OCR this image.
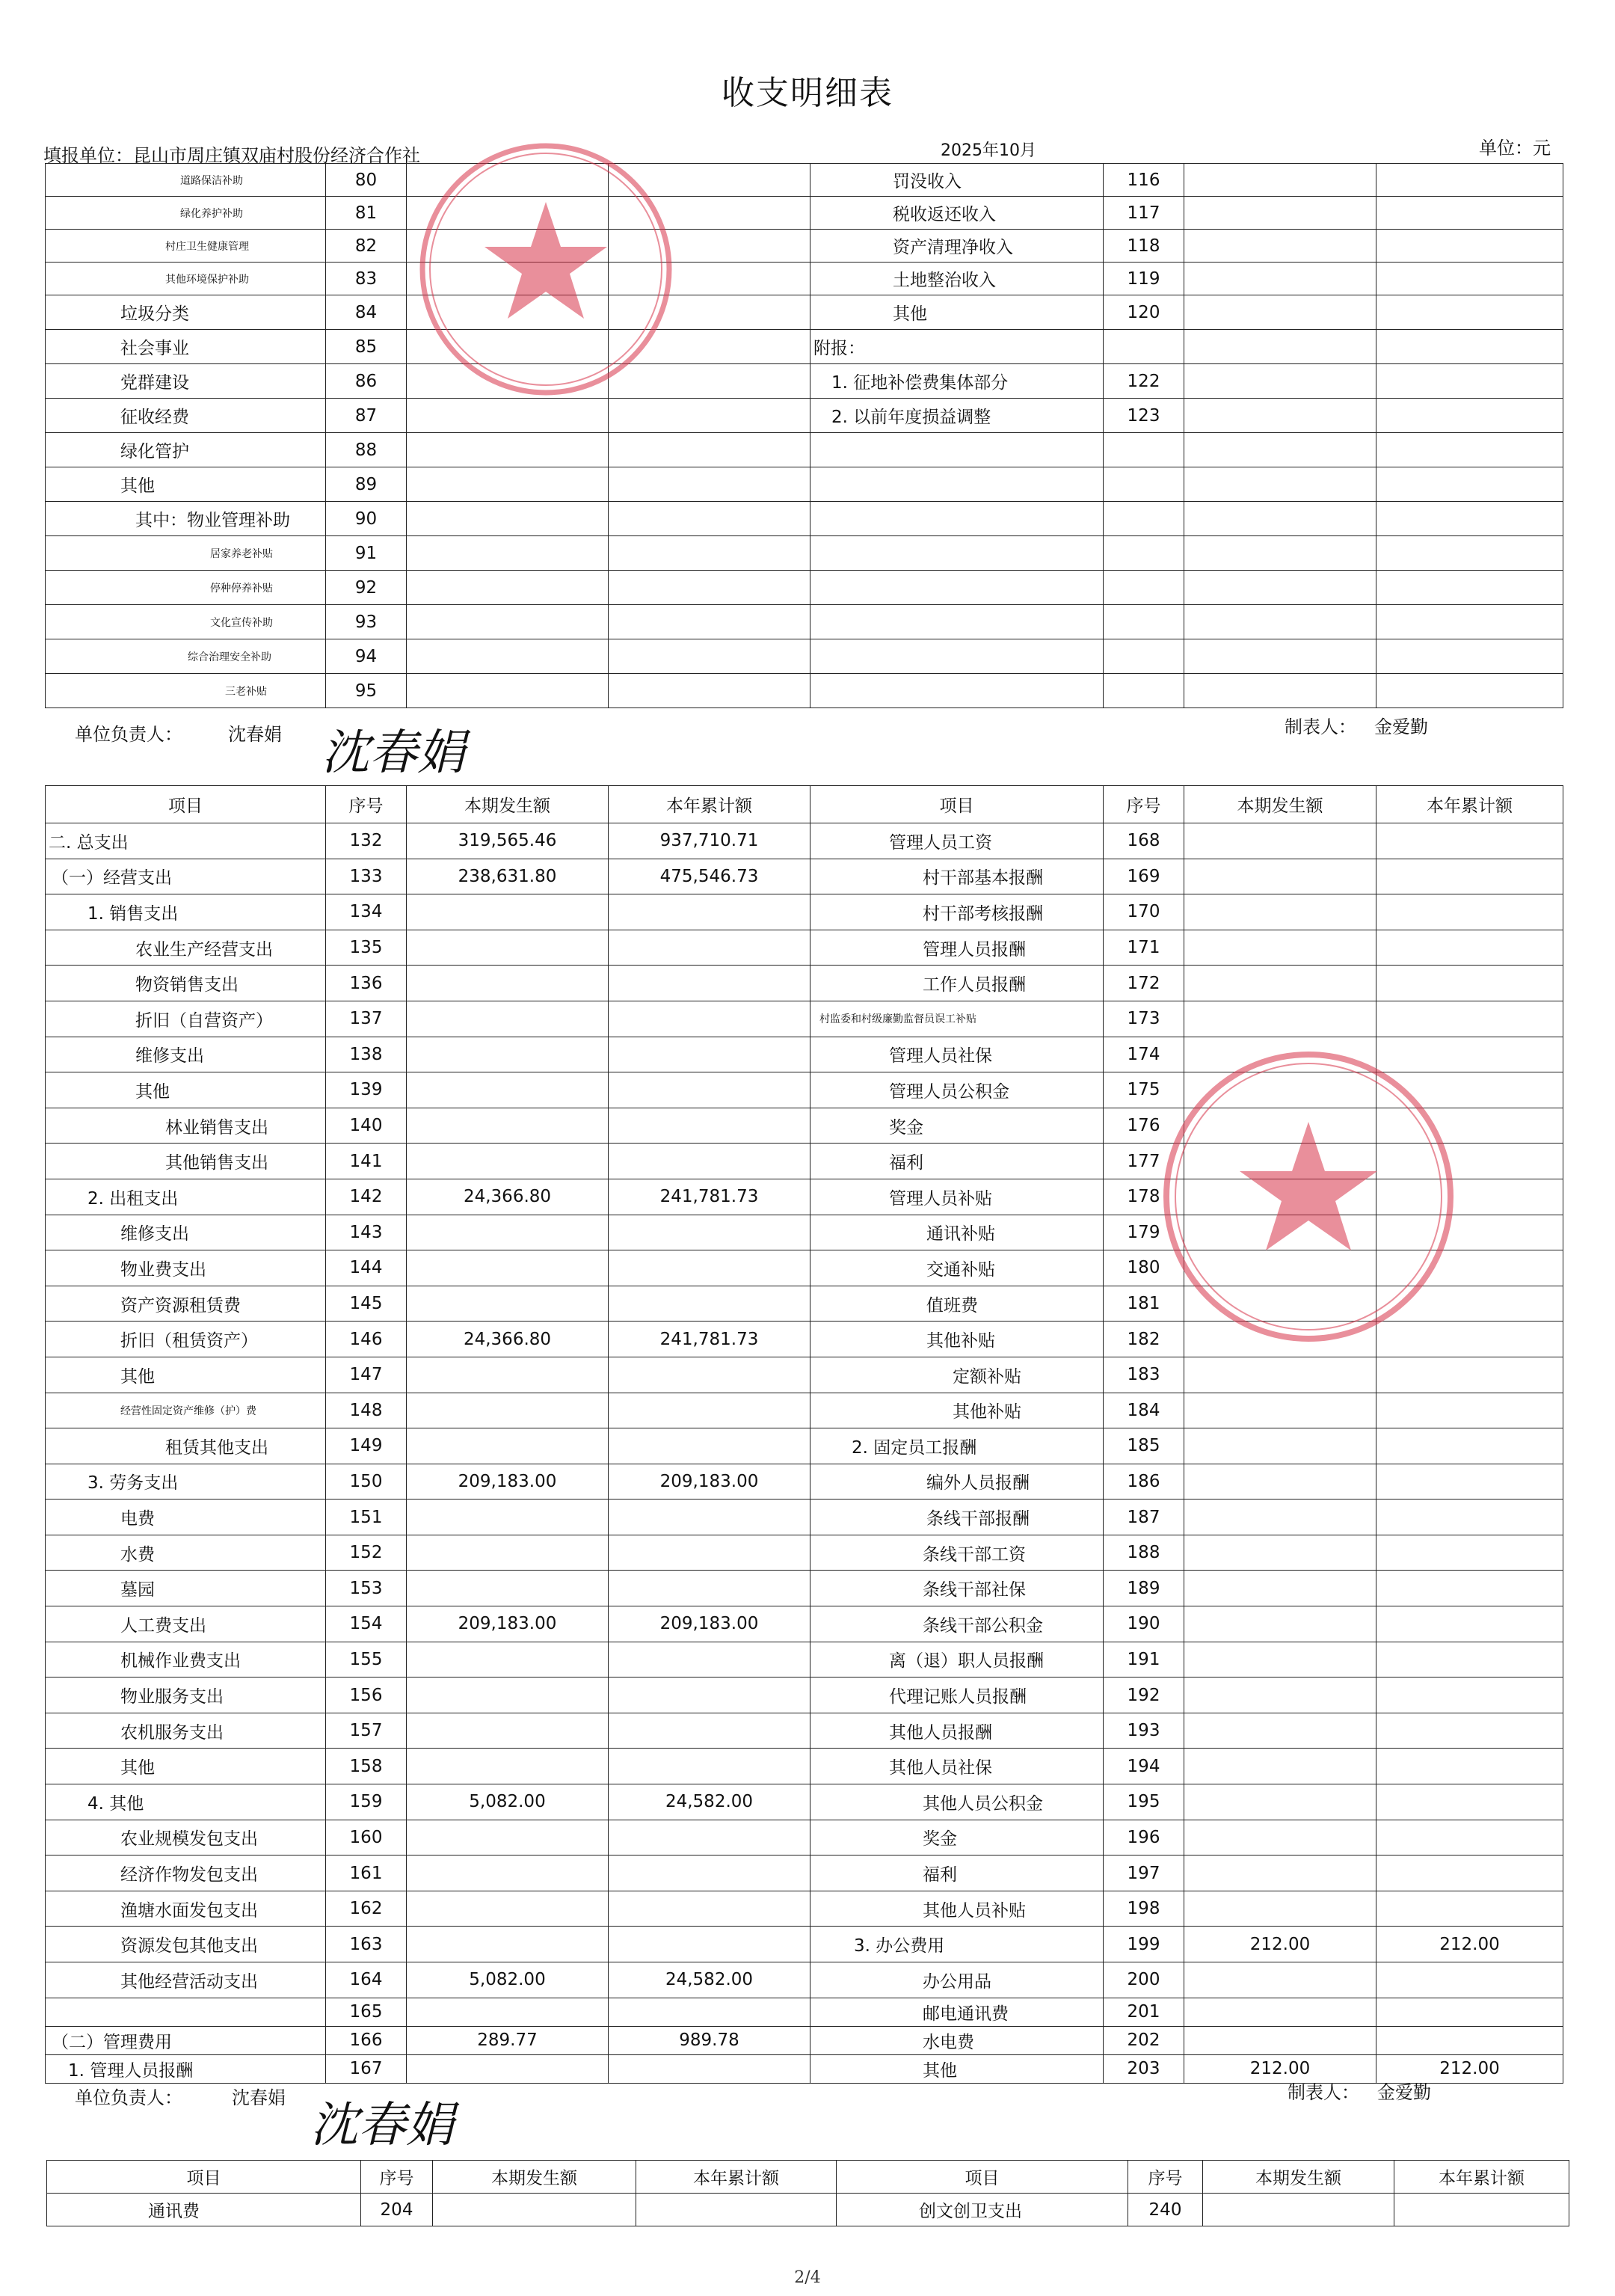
收支明细表
填报单位：昆山市周庄镇双庙村股份经济合作社	2025年10月	单位：元
道路保洁补助	80			罚没收入	116		
绿化养护补助	81			税收返还收入	117		
村庄卫生健康管理	82			资产清理净收入	118		
其他环境保护补助	83			土地整治收入	119		
垃圾分类	84			其他	120		
社会事业	85			附报：			
党群建设	86			1. 征地补偿费集体部分	122		
征收经费	87			2. 以前年度损益调整	123		
绿化管护	88						
其他	89						
其中：物业管理补助	90						
居家养老补贴	91						
停种停养补贴	92						
文化宣传补助	93						
综合治理安全补助	94						
三老补贴	95						
单位负责人：	沈春娟	制表人： 金爱勤
沈春娟
项目	序号	本期发生额	本年累计额	项目	序号	本期发生额	本年累计额
二. 总支出	132	319,565.46	937,710.71	管理人员工资	168		
（一）经营支出	133	238,631.80	475,546.73	村干部基本报酬	169		
1. 销售支出	134			村干部考核报酬	170		
农业生产经营支出	135			管理人员报酬	171		
物资销售支出	136			工作人员报酬	172		
折旧（自营资产）	137			村监委和村级廉勤监督员误工补贴	173		
维修支出	138			管理人员社保	174		
其他	139			管理人员公积金	175		
林业销售支出	140			奖金	176		
其他销售支出	141			福利	177		
2. 出租支出	142	24,366.80	241,781.73	管理人员补贴	178		
维修支出	143			通讯补贴	179		
物业费支出	144			交通补贴	180		
资产资源租赁费	145			值班费	181		
折旧（租赁资产）	146	24,366.80	241,781.73	其他补贴	182		
其他	147			定额补贴	183		
经营性固定资产维修（护）费	148			其他补贴	184		
租赁其他支出	149			2. 固定员工报酬	185		
3. 劳务支出	150	209,183.00	209,183.00	编外人员报酬	186		
电费	151			条线干部报酬	187		
水费	152			条线干部工资	188		
墓园	153			条线干部社保	189		
人工费支出	154	209,183.00	209,183.00	条线干部公积金	190		
机械作业费支出	155			离（退）职人员报酬	191		
物业服务支出	156			代理记账人员报酬	192		
农机服务支出	157			其他人员报酬	193		
其他	158			其他人员社保	194		
4. 其他	159	5,082.00	24,582.00	其他人员公积金	195		
农业规模发包支出	160			奖金	196		
经济作物发包支出	161			福利	197		
渔塘水面发包支出	162			其他人员补贴	198		
资源发包其他支出	163			3. 办公费用	199	212.00	212.00
其他经营活动支出	164	5,082.00	24,582.00	办公用品	200		
	165			邮电通讯费	201		
（二）管理费用	166	289.77	989.78	水电费	202		
1. 管理人员报酬	167			其他	203	212.00	212.00
单位负责人：	沈春娟	制表人： 金爱勤
沈春娟
项目	序号	本期发生额	本年累计额	项目	序号	本期发生额	本年累计额
通讯费	204			创文创卫支出	240		
2/4
